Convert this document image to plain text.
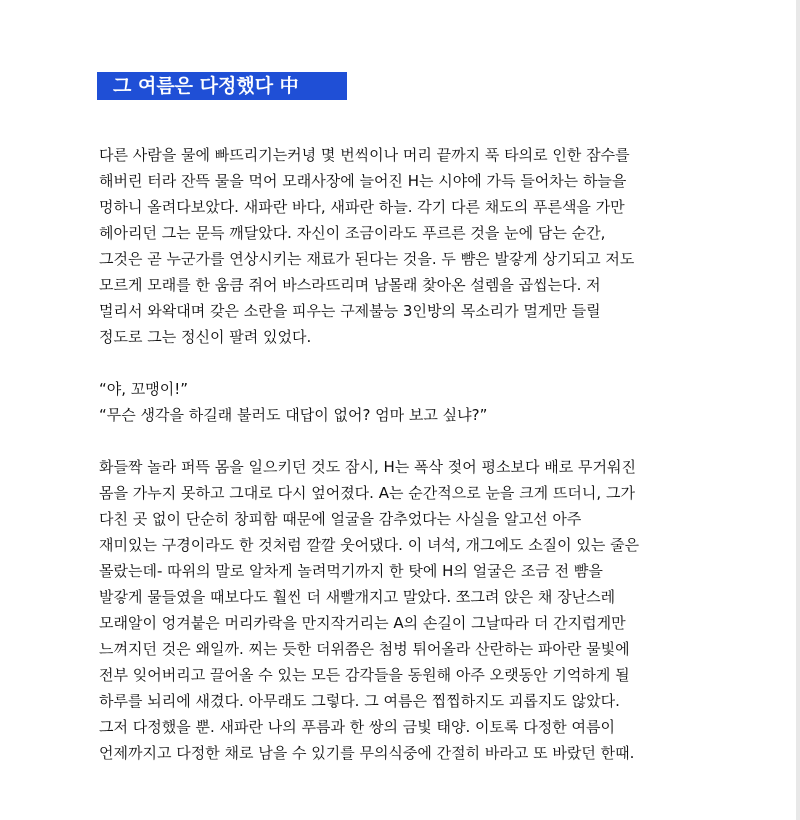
그 여름은 다정했다 中
다른 사람을 물에 빠뜨리기는커녕 몇 번씩이나 머리 끝까지 푹 타의로 인한 잠수를
해버린 터라 잔뜩 물을 먹어 모래사장에 늘어진 H는 시야에 가득 들어차는 하늘을
멍하니 올려다보았다. 새파란 바다, 새파란 하늘. 각기 다른 채도의 푸른색을 가만
헤아리던 그는 문득 깨달았다. 자신이 조금이라도 푸르른 것을 눈에 담는 순간,
그것은 곧 누군가를 연상시키는 재료가 된다는 것을. 두 뺨은 발갛게 상기되고 저도
모르게 모래를 한 움큼 쥐어 바스라뜨리며 남몰래 찾아온 설렘을 곱씹는다. 저
멀리서 와왁대며 갖은 소란을 피우는 구제불능 3인방의 목소리가 멀게만 들릴
정도로 그는 정신이 팔려 있었다.
“야, 꼬맹이!”
“무슨 생각을 하길래 불러도 대답이 없어? 엄마 보고 싶냐?”
화들짝 놀라 퍼뜩 몸을 일으키던 것도 잠시, H는 폭삭 젖어 평소보다 배로 무거워진
몸을 가누지 못하고 그대로 다시 엎어졌다. A는 순간적으로 눈을 크게 뜨더니, 그가
다친 곳 없이 단순히 창피함 때문에 얼굴을 감추었다는 사실을 알고선 아주
재미있는 구경이라도 한 것처럼 깔깔 웃어댔다. 이 녀석, 개그에도 소질이 있는 줄은
몰랐는데- 따위의 말로 알차게 놀려먹기까지 한 탓에 H의 얼굴은 조금 전 뺨을
발갛게 물들였을 때보다도 훨씬 더 새빨개지고 말았다. 쪼그려 앉은 채 장난스레
모래알이 엉겨붙은 머리카락을 만지작거리는 A의 손길이 그날따라 더 간지럽게만
느껴지던 것은 왜일까. 찌는 듯한 더위쯤은 첨벙 튀어올라 산란하는 파아란 물빛에
전부 잊어버리고 끌어올 수 있는 모든 감각들을 동원해 아주 오랫동안 기억하게 될
하루를 뇌리에 새겼다. 아무래도 그렇다. 그 여름은 찝찝하지도 괴롭지도 않았다.
그저 다정했을 뿐. 새파란 나의 푸름과 한 쌍의 금빛 태양. 이토록 다정한 여름이
언제까지고 다정한 채로 남을 수 있기를 무의식중에 간절히 바라고 또 바랐던 한때.
